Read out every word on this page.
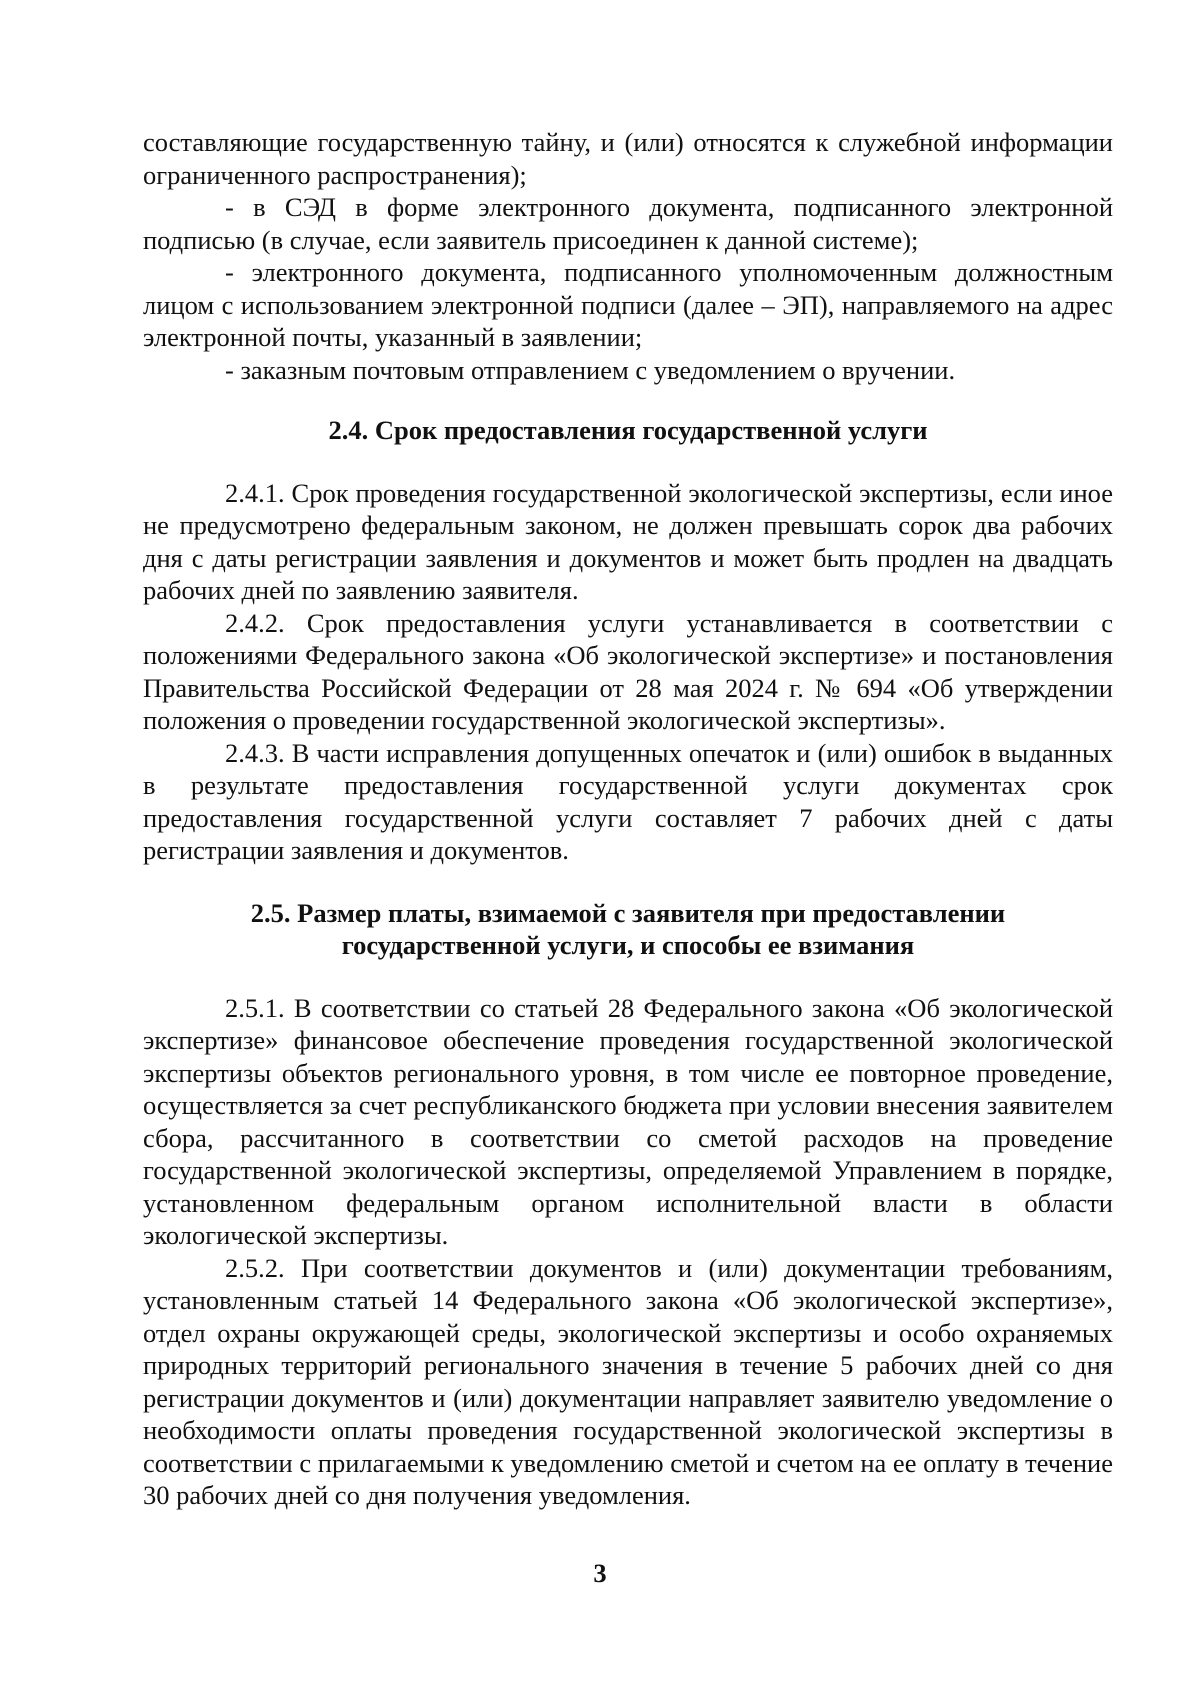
составляющие государственную тайну, и (или) относятся к служебной информации ограниченного распространения);

- в СЭД в форме электронного документа, подписанного электронной подписью (в случае, если заявитель присоединен к данной системе);

- электронного документа, подписанного уполномоченным должностным лицом с использованием электронной подписи (далее – ЭП), направляемого на адрес электронной почты, указанный в заявлении;

- заказным почтовым отправлением с уведомлением о вручении.

2.4. Срок предоставления государственной услуги

2.4.1. Срок проведения государственной экологической экспертизы, если иное не предусмотрено федеральным законом, не должен превышать сорок два рабочих дня с даты регистрации заявления и документов и может быть продлен на двадцать рабочих дней по заявлению заявителя.

2.4.2. Срок предоставления услуги устанавливается в соответствии с положениями Федерального закона «Об экологической экспертизе» и постановления Правительства Российской Федерации от 28 мая 2024 г. № 694 «Об утверждении положения о проведении государственной экологической экспертизы».

2.4.3. В части исправления допущенных опечаток и (или) ошибок в выданных в результате предоставления государственной услуги документах срок предоставления государственной услуги составляет 7 рабочих дней с даты регистрации заявления и документов.

2.5. Размер платы, взимаемой с заявителя при предоставлении

государственной услуги, и способы ее взимания

2.5.1. В соответствии со статьей 28 Федерального закона «Об экологической экспертизе» финансовое обеспечение проведения государственной экологической экспертизы объектов регионального уровня, в том числе ее повторное проведение, осуществляется за счет республиканского бюджета при условии внесения заявителем сбора, рассчитанного в соответствии со сметой расходов на проведение государственной экологической экспертизы, определяемой Управлением в порядке, установленном федеральным органом исполнительной власти в области экологической экспертизы.

2.5.2. При соответствии документов и (или) документации требованиям, установленным статьей 14 Федерального закона «Об экологической экспертизе», отдел охраны окружающей среды, экологической экспертизы и особо охраняемых природных территорий регионального значения в течение 5 рабочих дней со дня регистрации документов и (или) документации направляет заявителю уведомление о необходимости оплаты проведения государственной экологической экспертизы в соответствии с прилагаемыми к уведомлению сметой и счетом на ее оплату в течение 30 рабочих дней со дня получения уведомления.

3
